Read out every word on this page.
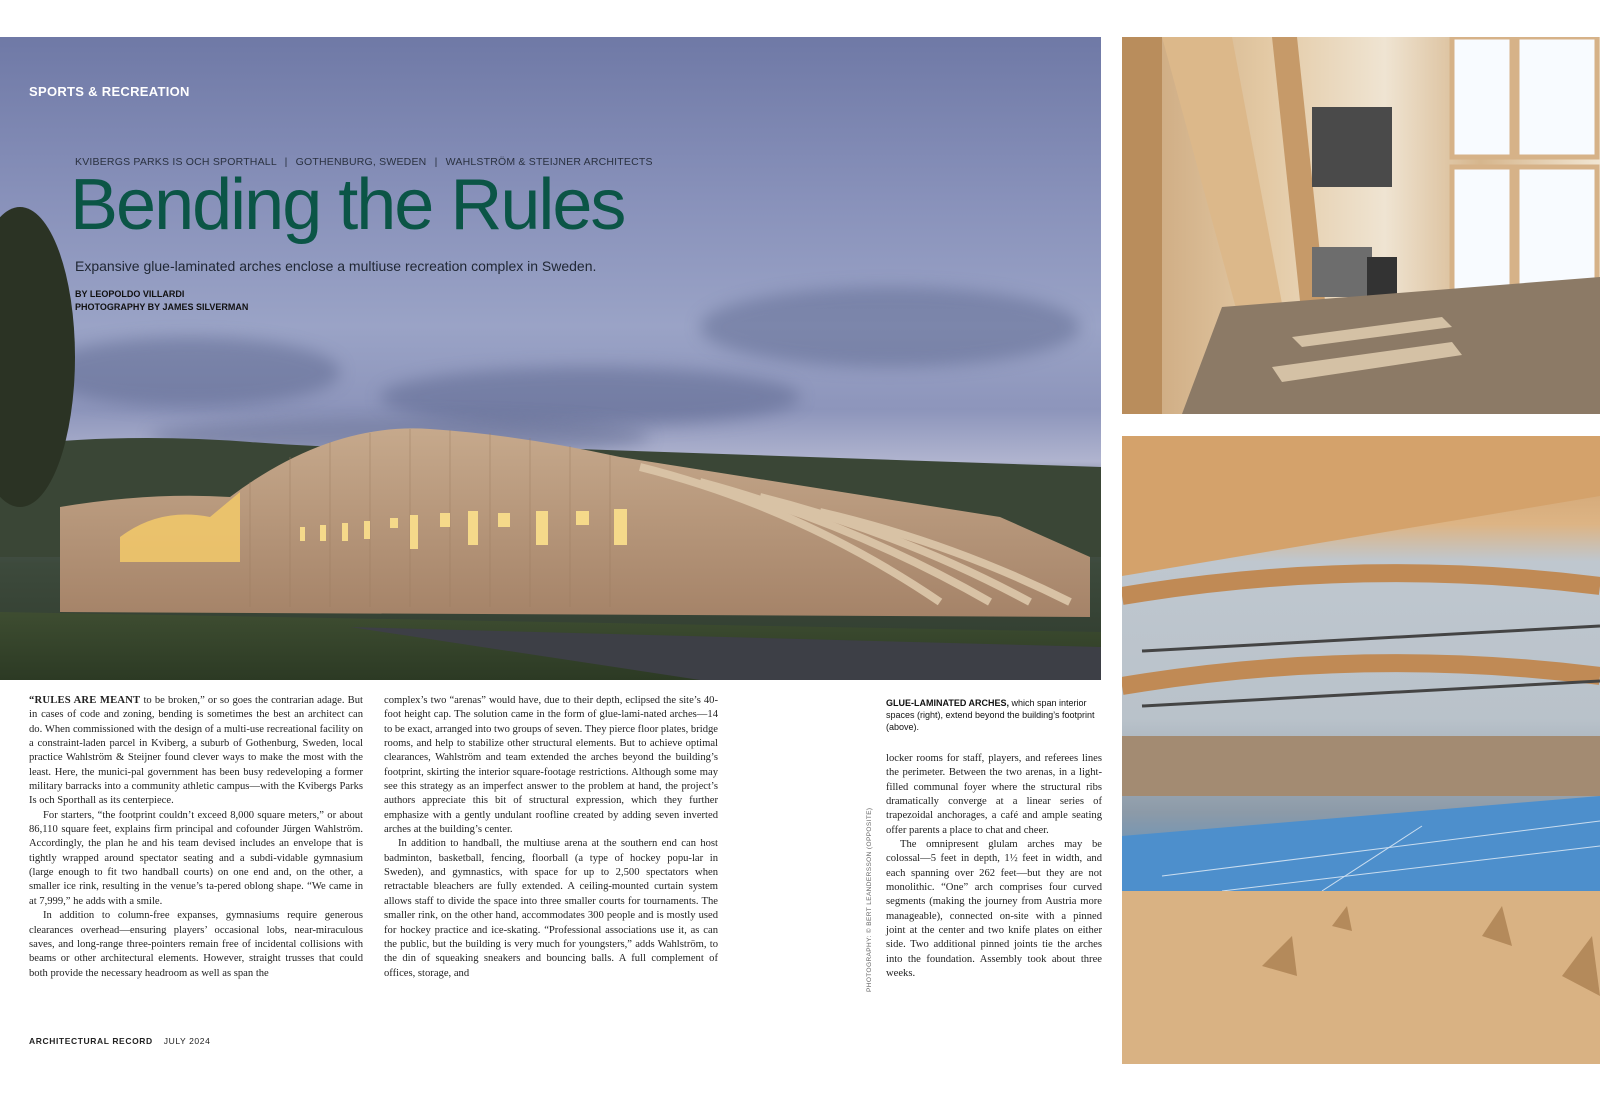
SPORTS & RECREATION
KVIBERGS PARKS IS OCH SPORTHALL | GOTHENBURG, SWEDEN | WAHLSTRÖM & STEIJNER ARCHITECTS
Bending the Rules
Expansive glue-laminated arches enclose a multiuse recreation complex in Sweden.
BY LEOPOLDO VILLARDI
PHOTOGRAPHY BY JAMES SILVERMAN

“RULES ARE MEANT to be broken,” or so goes the contrarian adage. But in cases of code and zoning, bending is sometimes the best an architect can do. When commissioned with the design of a multi-use recreational facility on a constraint-laden parcel in Kviberg, a suburb of Gothenburg, Sweden, local practice Wahlström & Steijner found clever ways to make the most with the least. Here, the munici-pal government has been busy redeveloping a former military barracks into a community athletic campus—with the Kvibergs Parks Is och Sporthall as its centerpiece.

For starters, “the footprint couldn’t exceed 8,000 square meters,” or about 86,110 square feet, explains firm principal and cofounder Jürgen Wahlström. Accordingly, the plan he and his team devised includes an envelope that is tightly wrapped around spectator seating and a subdi-vidable gymnasium (large enough to fit two handball courts) on one end and, on the other, a smaller ice rink, resulting in the venue’s ta-pered oblong shape. “We came in at 7,999,” he adds with a smile.

In addition to column-free expanses, gymnasiums require generous clearances overhead—ensuring players’ occasional lobs, near-miraculous saves, and long-range three-pointers remain free of incidental collisions with beams or other architectural elements. However, straight trusses that could both provide the necessary headroom as well as span the

complex’s two “arenas” would have, due to their depth, eclipsed the site’s 40-foot height cap. The solution came in the form of glue-lami-nated arches—14 to be exact, arranged into two groups of seven. They pierce floor plates, bridge rooms, and help to stabilize other structural elements. But to achieve optimal clearances, Wahlström and team extended the arches beyond the building’s footprint, skirting the interior square-footage restrictions. Although some may see this strategy as an imperfect answer to the problem at hand, the project’s authors appreciate this bit of structural expression, which they further emphasize with a gently undulant roofline created by adding seven inverted arches at the building’s center.

In addition to handball, the multiuse arena at the southern end can host badminton, basketball, fencing, floorball (a type of hockey popu-lar in Sweden), and gymnastics, with space for up to 2,500 spectators when retractable bleachers are fully extended. A ceiling-mounted curtain system allows staff to divide the space into three smaller courts for tournaments. The smaller rink, on the other hand, accommodates 300 people and is mostly used for hockey practice and ice-skating. “Professional associations use it, as can the public, but the building is very much for youngsters,” adds Wahlström, to the din of squeaking sneakers and bouncing balls. A full complement of offices, storage, and

GLUE-LAMINATED ARCHES, which span interior spaces (right), extend beyond the building’s footprint (above).

locker rooms for staff, players, and referees lines the perimeter. Between the two arenas, in a light-filled communal foyer where the structural ribs dramatically converge at a linear series of trapezoidal anchorages, a café and ample seating offer parents a place to chat and cheer.

The omnipresent glulam arches may be colossal—5 feet in depth, 1½ feet in width, and each spanning over 262 feet—but they are not monolithic. “One” arch comprises four curved segments (making the journey from Austria more manageable), connected on-site with a pinned joint at the center and two knife plates on either side. Two additional pinned joints tie the arches into the foundation. Assembly took about three weeks.

PHOTOGRAPHY: © BERT LEANDERSSON (OPPOSITE)
ARCHITECTURAL RECORD JULY 2024
